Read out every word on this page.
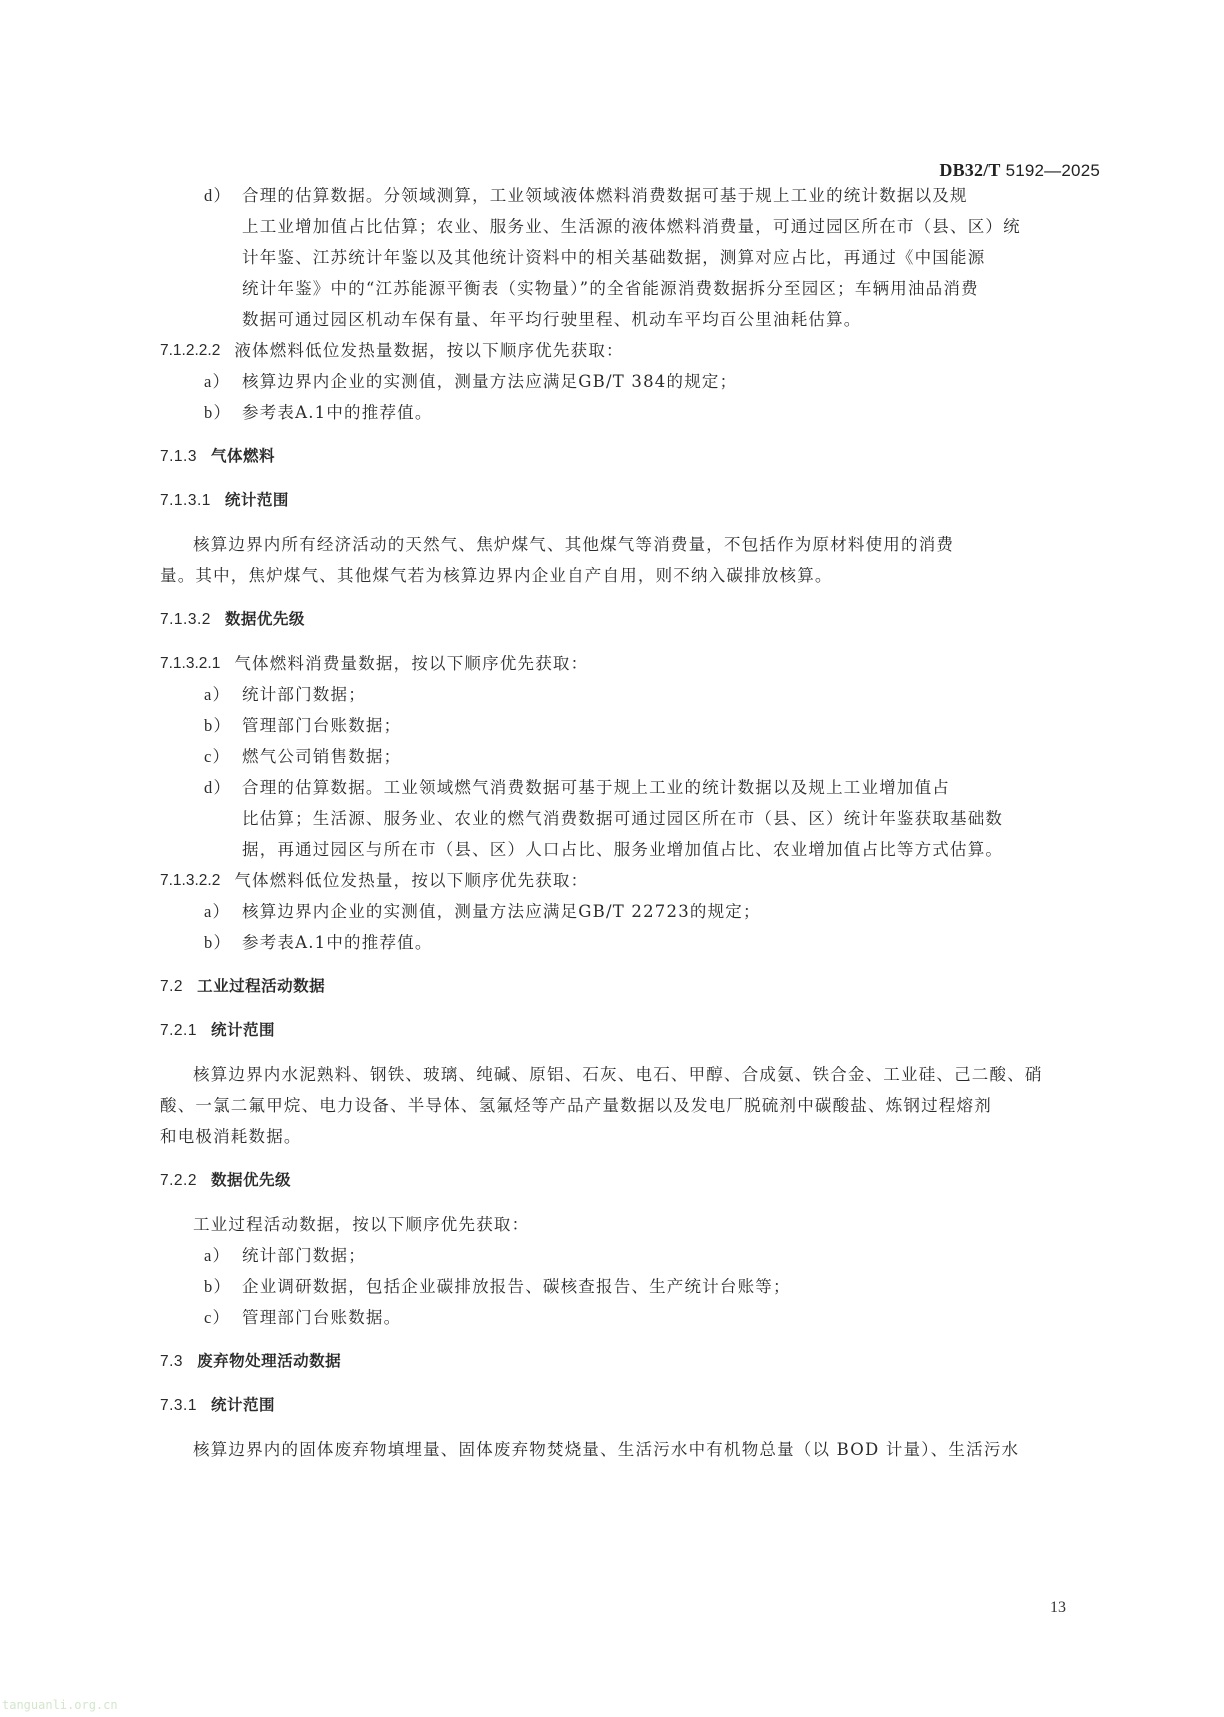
DB32/T 5192—2025
d） 合理的估算数据。分领域测算，工业领域液体燃料消费数据可基于规上工业的统计数据以及规
上工业增加值占比估算；农业、服务业、生活源的液体燃料消费量，可通过园区所在市（县、区）统
计年鉴、江苏统计年鉴以及其他统计资料中的相关基础数据，测算对应占比，再通过《中国能源
统计年鉴》中的“江苏能源平衡表（实物量）”的全省能源消费数据拆分至园区；车辆用油品消费
数据可通过园区机动车保有量、年平均行驶里程、机动车平均百公里油耗估算。
7.1.2.2.2 液体燃料低位发热量数据，按以下顺序优先获取：
a） 核算边界内企业的实测值，测量方法应满足GB/T 384的规定；
b） 参考表A.1中的推荐值。
7.1.3 气体燃料
7.1.3.1 统计范围
核算边界内所有经济活动的天然气、焦炉煤气、其他煤气等消费量，不包括作为原材料使用的消费
量。其中，焦炉煤气、其他煤气若为核算边界内企业自产自用，则不纳入碳排放核算。
7.1.3.2 数据优先级
7.1.3.2.1 气体燃料消费量数据，按以下顺序优先获取：
a） 统计部门数据；
b） 管理部门台账数据；
c） 燃气公司销售数据；
d） 合理的估算数据。工业领域燃气消费数据可基于规上工业的统计数据以及规上工业增加值占
比估算；生活源、服务业、农业的燃气消费数据可通过园区所在市（县、区）统计年鉴获取基础数
据，再通过园区与所在市（县、区）人口占比、服务业增加值占比、农业增加值占比等方式估算。
7.1.3.2.2 气体燃料低位发热量，按以下顺序优先获取：
a） 核算边界内企业的实测值，测量方法应满足GB/T 22723的规定；
b） 参考表A.1中的推荐值。
7.2 工业过程活动数据
7.2.1 统计范围
核算边界内水泥熟料、钢铁、玻璃、纯碱、原铝、石灰、电石、甲醇、合成氨、铁合金、工业硅、己二酸、硝
酸、一氯二氟甲烷、电力设备、半导体、氢氟烃等产品产量数据以及发电厂脱硫剂中碳酸盐、炼钢过程熔剂
和电极消耗数据。
7.2.2 数据优先级
工业过程活动数据，按以下顺序优先获取：
a） 统计部门数据；
b） 企业调研数据，包括企业碳排放报告、碳核查报告、生产统计台账等；
c） 管理部门台账数据。
7.3 废弃物处理活动数据
7.3.1 统计范围
核算边界内的固体废弃物填埋量、固体废弃物焚烧量、生活污水中有机物总量（以 BOD 计量）、生活污水
13
tanguanli.org.cn
